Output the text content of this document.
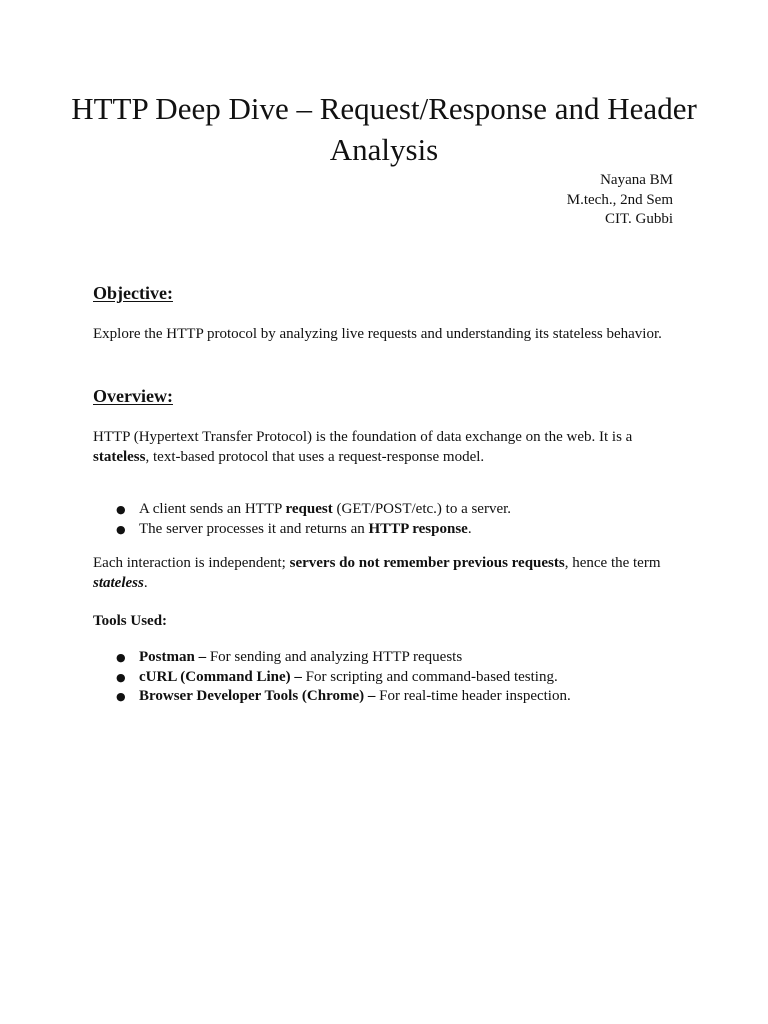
HTTP Deep Dive – Request/Response and Header Analysis
Nayana BM
M.tech., 2nd Sem
CIT. Gubbi
Objective:

Explore the HTTP protocol by analyzing live requests and understanding its stateless behavior.

Overview:

HTTP (Hypertext Transfer Protocol) is the foundation of data exchange on the web. It is a stateless, text-based protocol that uses a request-response model.

● A client sends an HTTP request (GET/POST/etc.) to a server.
● The server processes it and returns an HTTP response.

Each interaction is independent; servers do not remember previous requests, hence the term stateless.

Tools Used:
● Postman – For sending and analyzing HTTP requests
● cURL (Command Line) – For scripting and command-based testing.
● Browser Developer Tools (Chrome) – For real-time header inspection.
